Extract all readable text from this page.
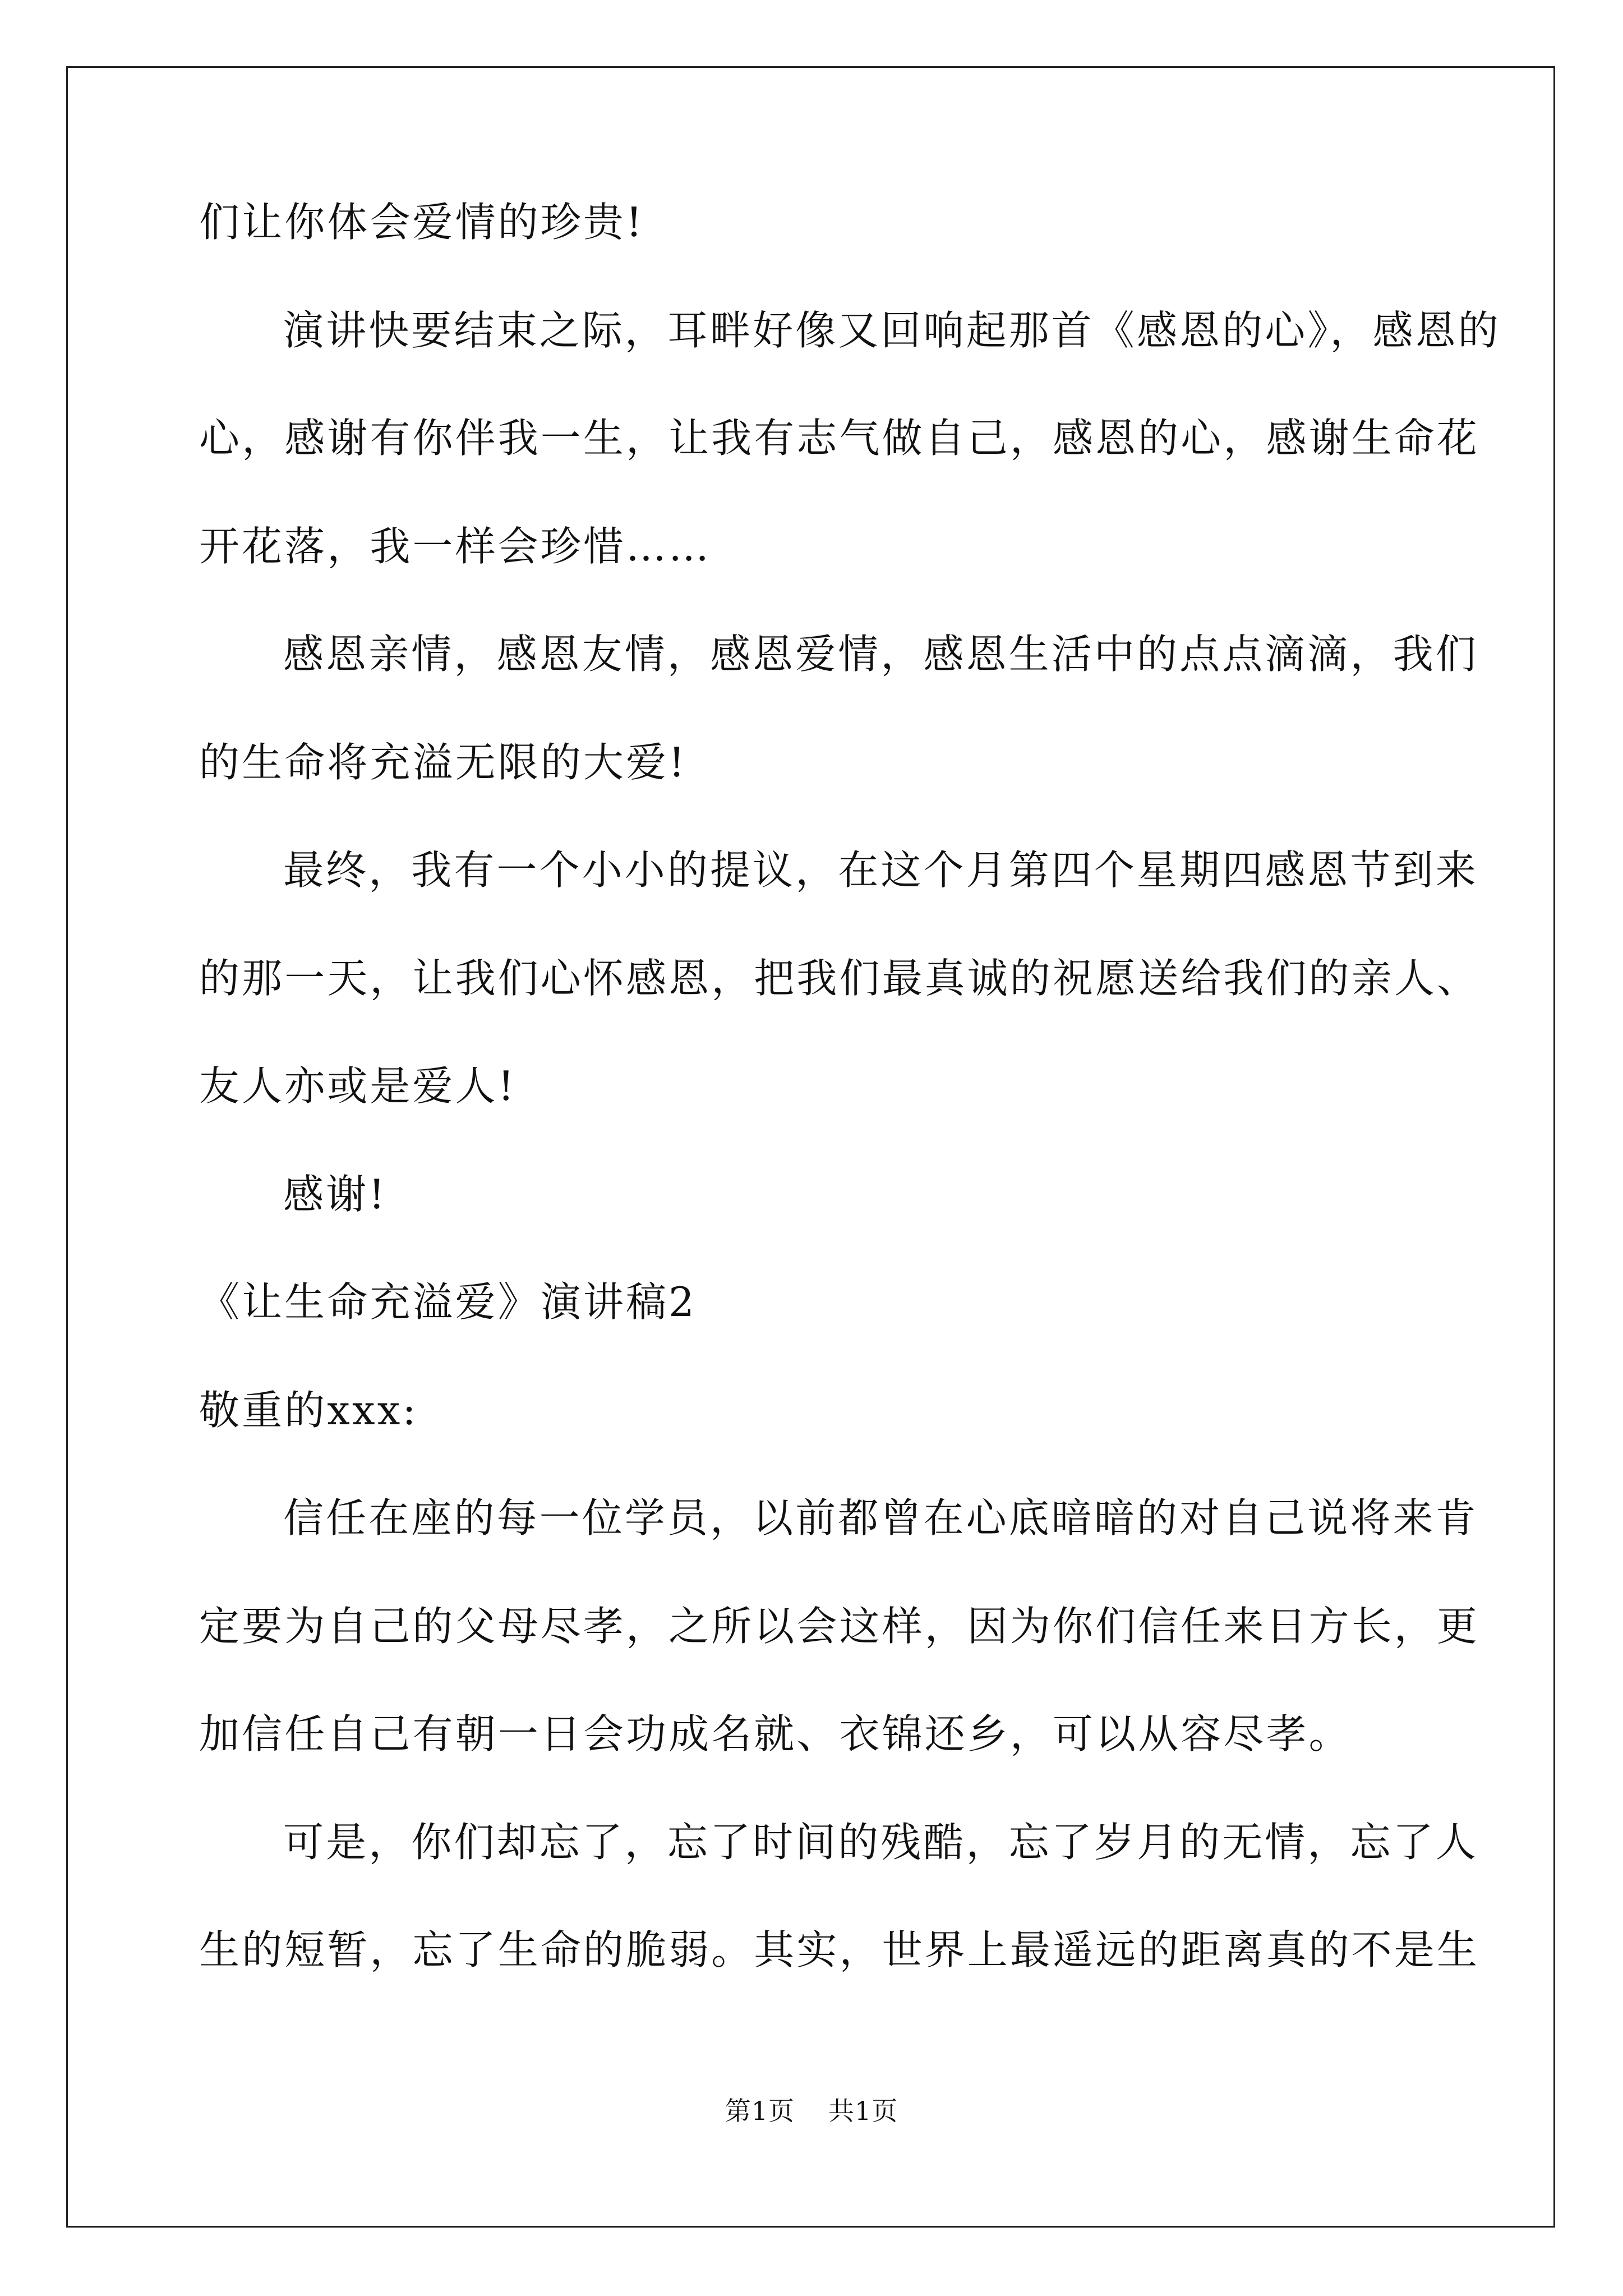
们让你体会爱情的珍贵!
演讲快要结束之际，耳畔好像又回响起那首《感恩的心》，感恩的
心，感谢有你伴我一生，让我有志气做自己，感恩的心，感谢生命花
开花落，我一样会珍惜……
感恩亲情，感恩友情，感恩爱情，感恩生活中的点点滴滴，我们
的生命将充溢无限的大爱!
最终，我有一个小小的提议，在这个月第四个星期四感恩节到来
的那一天，让我们心怀感恩，把我们最真诚的祝愿送给我们的亲人、
友人亦或是爱人!
感谢!
《让生命充溢爱》演讲稿2
敬重的xxx:
信任在座的每一位学员，以前都曾在心底暗暗的对自己说将来肯
定要为自己的父母尽孝，之所以会这样，因为你们信任来日方长，更
加信任自己有朝一日会功成名就、衣锦还乡，可以从容尽孝。
可是，你们却忘了，忘了时间的残酷，忘了岁月的无情，忘了人
生的短暂，忘了生命的脆弱。其实，世界上最遥远的距离真的不是生
第1页 共1页
